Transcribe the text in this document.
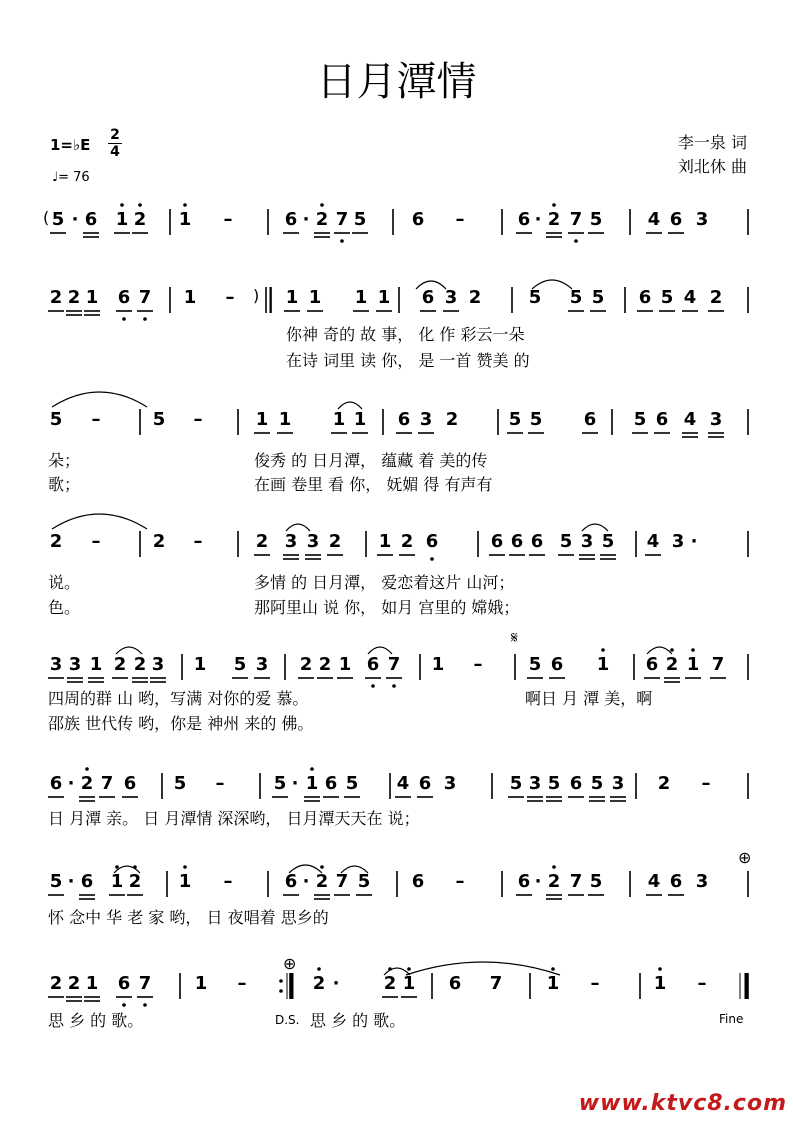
日月潭情
1=♭E
2
4
♩= 76
李一泉 词
刘北休 曲
5 · 6 1 2 1 –	6 · 2 7 5	6 –	6 · 2 7 5	4 6 3
2 2 1 6 7 1 –	1 1 1 1 6 3 2	5 5 5 6 5 4 2
5 –	5 –	1 1 1 1 6 3 2	5 5 6 5 6 4 3
2 –	2 –	2 3 3 2 1 2 6	6 6 6 5 3 5 4 3 ·
3 3 1 2 2 3 1 5 3 2 2 1 6 7 1 –	5 6 1 6 2 1 7
6 · 2 7 6 5 –	5 · 1 6 5 4 6 3	5 3 5 6 5 3 2 –
5 · 6 1 2 1 –	6 · 2 7 5 6 –	6 · 2 7 5	4 6 3
2 2 1 6 7 1 –	2 · 2 1 6 7 1 –	1 –
(
)
𝄋
⊕
⊕
你神 奇的 故 事， 化 作 彩云一朵
在诗 词里 读 你， 是 一首 赞美 的
朵；
歌；
俊秀 的 日月潭， 蕴藏 着 美的传
在画 卷里 看 你， 妩媚 得 有声有
说。
色。
多情 的 日月潭， 爱恋着这片 山河；
那阿里山 说 你， 如月 宫里的 嫦娥；
四周的群 山 哟，写满 对你的爱 慕。
邵族 世代传 哟，你是 神州 来的 佛。
啊日 月 潭 美，啊
日 月潭 亲。 日 月潭情 深深哟， 日月潭天天在 说；
怀 念中 华 老 家 哟， 日 夜唱着 思乡的
思 乡 的 歌。	思 乡 的 歌。
D.S.	Fine
www.ktvc8.com
